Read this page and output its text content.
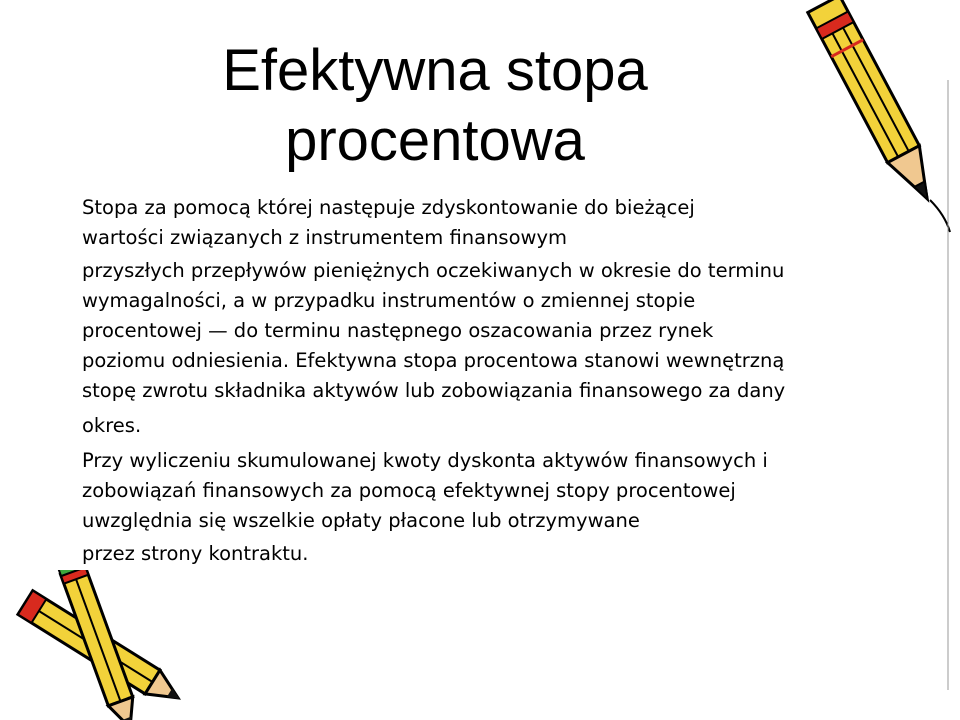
Efektywna stopa
procentowa
Stopa za pomocą której następuje zdyskontowanie do bieżącej
wartości związanych z instrumentem finansowym
przyszłych przepływów pieniężnych oczekiwanych w okresie do terminu
wymagalności, a w przypadku instrumentów o zmiennej stopie
procentowej — do terminu następnego oszacowania przez rynek
poziomu odniesienia. Efektywna stopa procentowa stanowi wewnętrzną
stopę zwrotu składnika aktywów lub zobowiązania finansowego za dany
okres.
Przy wyliczeniu skumulowanej kwoty dyskonta aktywów finansowych i
zobowiązań finansowych za pomocą efektywnej stopy procentowej
uwzględnia się wszelkie opłaty płacone lub otrzymywane
przez strony kontraktu.
